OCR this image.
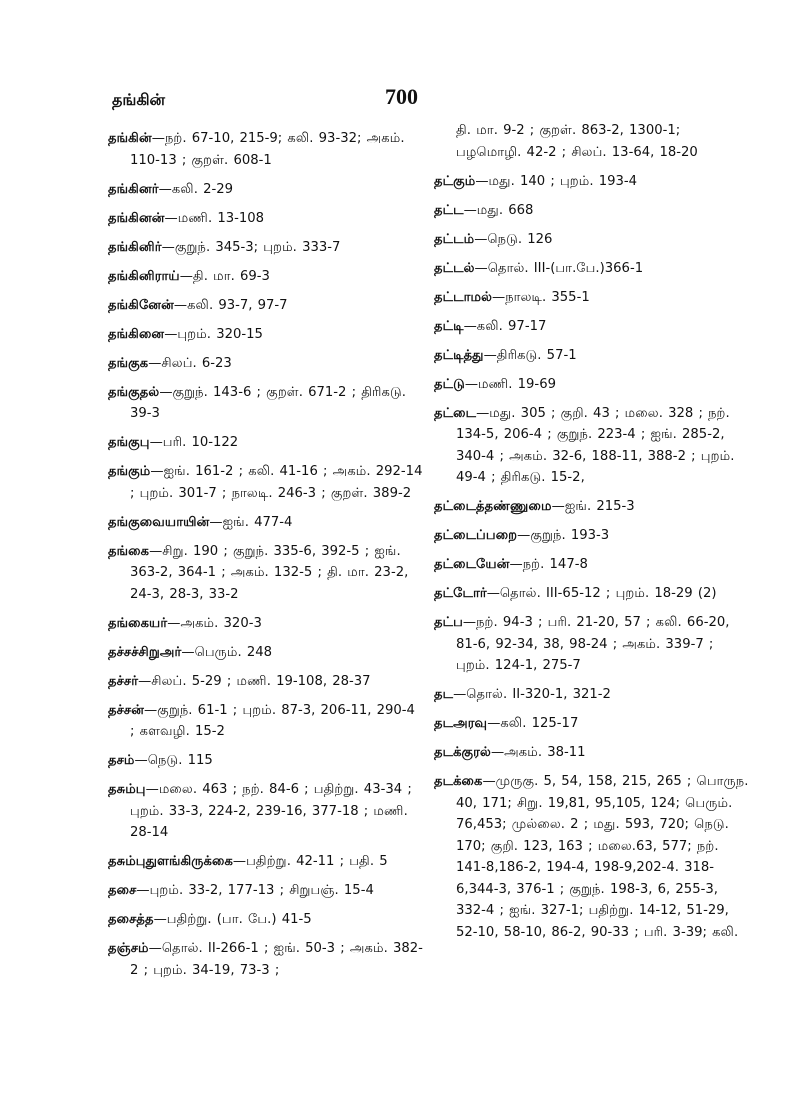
தங்கின்	700

தங்கின்—நற். 67-10, 215-9; கலி. 93-32; அகம். 110-13 ; குறள். 608-1

தங்கினர்—கலி. 2-29

தங்கினன்—மணி. 13-108

தங்கினிர்—குறுந். 345-3; புறம். 333-7

தங்கினிராய்—தி. மா. 69-3

தங்கினேன்—கலி. 93-7, 97-7

தங்கினை—புறம். 320-15

தங்குக—சிலப். 6-23

தங்குதல்—குறுந். 143-6 ; குறள். 671-2 ; திரிகடு. 39-3

தங்குபு—பரி. 10-122

தங்கும்—ஐங். 161-2 ; கலி. 41-16 ; அகம். 292-14 ; புறம். 301-7 ; நாலடி. 246-3 ; குறள். 389-2

தங்குவையாயின்—ஐங். 477-4

தங்கை—சிறு. 190 ; குறுந். 335-6, 392-5 ; ஐங். 363-2, 364-1 ; அகம். 132-5 ; தி. மா. 23-2, 24-3, 28-3, 33-2

தங்கையர்—அகம். 320-3

தச்சச்சிறுஅர்—பெரும். 248

தச்சர்—சிலப். 5-29 ; மணி. 19-108, 28-37

தச்சன்—குறுந். 61-1 ; புறம். 87-3, 206-11, 290-4 ; களவழி. 15-2

தசம்—நெடு. 115

தசும்பு—மலை. 463 ; நற். 84-6 ; பதிற்று. 43-34 ; புறம். 33-3, 224-2, 239-16, 377-18 ; மணி. 28-14

தசும்புதுளங்கிருக்கை—பதிற்று. 42-11 ; பதி. 5

தசை—புறம். 33-2, 177-13 ; சிறுபஞ். 15-4

தசைத்த—பதிற்று. (பா. பே.) 41-5

தஞ்சம்—தொல். II-266-1 ; ஐங். 50-3 ; அகம். 382-2 ; புறம். 34-19, 73-3 ;

தி. மா. 9-2 ; குறள். 863-2, 1300-1; பழமொழி. 42-2 ; சிலப். 13-64, 18-20

தட்கும்—மது. 140 ; புறம். 193-4

தட்ட—மது. 668

தட்டம்—நெடு. 126

தட்டல்—தொல். III-(பா.பே.)366-1

தட்டாமல்—நாலடி. 355-1

தட்டி—கலி. 97-17

தட்டித்து—திரிகடு. 57-1

தட்டு—மணி. 19-69

தட்டை—மது. 305 ; குறி. 43 ; மலை. 328 ; நற். 134-5, 206-4 ; குறுந். 223-4 ; ஐங். 285-2, 340-4 ; அகம். 32-6, 188-11, 388-2 ; புறம். 49-4 ; திரிகடு. 15-2,

தட்டைத்தண்ணுமை—ஐங். 215-3

தட்டைப்பறை—குறுந். 193-3

தட்டையேன்—நற். 147-8

தட்டோர்—தொல். III-65-12 ; புறம். 18-29 (2)

தட்ப—நற். 94-3 ; பரி. 21-20, 57 ; கலி. 66-20, 81-6, 92-34, 38, 98-24 ; அகம். 339-7 ; புறம். 124-1, 275-7

தட—தொல். II-320-1, 321-2

தடஅரவு—கலி. 125-17

தடக்குரல்—அகம். 38-11

தடக்கை—முருகு. 5, 54, 158, 215, 265 ; பொருந. 40, 171; சிறு. 19,81, 95,105, 124; பெரும். 76,453; முல்லை. 2 ; மது. 593, 720; நெடு. 170; குறி. 123, 163 ; மலை.63, 577; நற். 141-8,186-2, 194-4, 198-9,202-4. 318-6,344-3, 376-1 ; குறுந். 198-3, 6, 255-3, 332-4 ; ஐங். 327-1; பதிற்று. 14-12, 51-29, 52-10, 58-10, 86-2, 90-33 ; பரி. 3-39; கலி.
